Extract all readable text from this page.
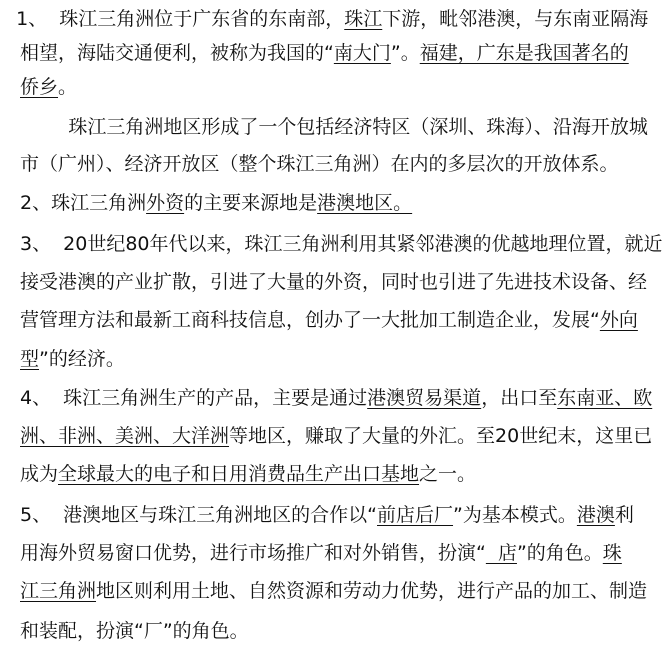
1、  珠江三角洲位于广东省的东南部，珠江下游，毗邻港澳，与东南亚隔海
相望，海陆交通便利，被称为我国的“南大门”。福建，广东是我国著名的
侨乡。
珠江三角洲地区形成了一个包括经济特区（深圳、珠海）、沿海开放城
市（广州）、经济开放区（整个珠江三角洲）在内的多层次的开放体系。
2、珠江三角洲外资的主要来源地是港澳地区。
3、  20世纪80年代以来，珠江三角洲利用其紧邻港澳的优越地理位置，就近
接受港澳的产业扩散，引进了大量的外资，同时也引进了先进技术设备、经
营管理方法和最新工商科技信息，创办了一大批加工制造企业，发展“外向
型”的经济。
4、  珠江三角洲生产的产品，主要是通过港澳贸易渠道，出口至东南亚、欧
洲、非洲、美洲、大洋洲等地区，赚取了大量的外汇。至20世纪末，这里已
成为全球最大的电子和日用消费品生产出口基地之一。
5、  港澳地区与珠江三角洲地区的合作以“前店后厂”为基本模式。港澳利
用海外贸易窗口优势，进行市场推广和对外销售，扮演“  店”的角色。珠
江三角洲地区则利用土地、自然资源和劳动力优势，进行产品的加工、制造
和装配，扮演“厂”的角色。
